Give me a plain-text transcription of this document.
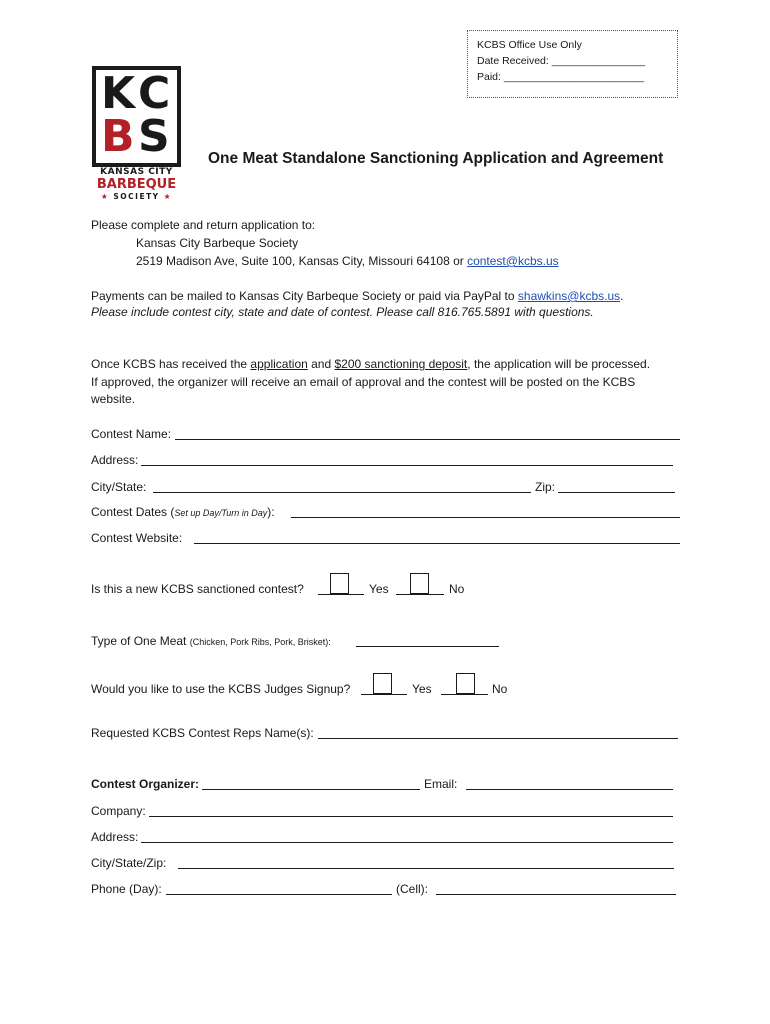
KCBS Office Use Only
Date Received: ________________
Paid: ________________________
K C
B S
KANSAS CITY
BARBEQUE
★ SOCIETY ★
One Meat Standalone Sanctioning Application and Agreement
Please complete and return application to:
Kansas City Barbeque Society
2519 Madison Ave, Suite 100, Kansas City, Missouri 64108 or contest@kcbs.us
Payments can be mailed to Kansas City Barbeque Society or paid via PayPal to shawkins@kcbs.us.
Please include contest city, state and date of contest. Please call 816.765.5891 with questions.
Once KCBS has received the application and $200 sanctioning deposit, the application will be processed.
If approved, the organizer will receive an email of approval and the contest will be posted on the KCBS
website.
Contest Name:
Address:
City/State:	Zip:
Contest Dates (Set up Day/Turn in Day):
Contest Website:
Is this a new KCBS sanctioned contest?	Yes	No
Type of One Meat (Chicken, Pork Ribs, Pork, Brisket):
Would you like to use the KCBS Judges Signup?	Yes	No
Requested KCBS Contest Reps Name(s):
Contest Organizer:	Email:
Company:
Address:
City/State/Zip:
Phone (Day):	(Cell):
